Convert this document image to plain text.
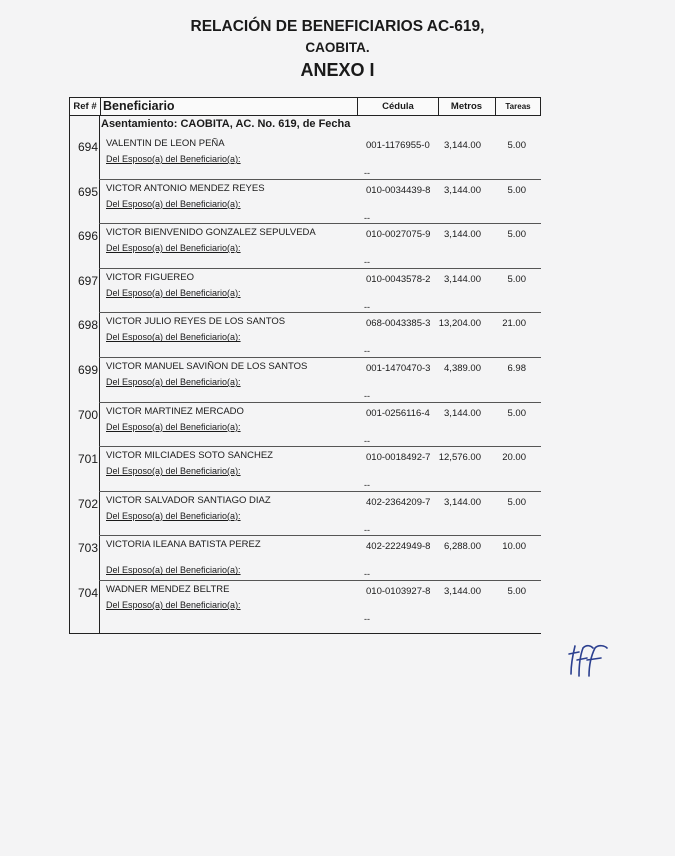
RELACIÓN DE BENEFICIARIOS AC-619,
CAOBITA.
ANEXO I
Ref # Beneficiario	Cédula	Metros	Tareas
Asentamiento: CAOBITA, AC. No. 619, de Fecha
694 VALENTIN DE LEON PEÑA	001-1176955-0	3,144.00	5.00
Del Esposo(a) del Beneficiario(a):
--
695 VICTOR ANTONIO MENDEZ REYES	010-0034439-8	3,144.00	5.00
Del Esposo(a) del Beneficiario(a):
--
696 VICTOR BIENVENIDO GONZALEZ SEPULVEDA	010-0027075-9	3,144.00	5.00
Del Esposo(a) del Beneficiario(a):
--
697 VICTOR FIGUEREO	010-0043578-2	3,144.00	5.00
Del Esposo(a) del Beneficiario(a):
--
698 VICTOR JULIO REYES DE LOS SANTOS	068-0043385-3 13,204.00	21.00
Del Esposo(a) del Beneficiario(a):
--
699 VICTOR MANUEL SAVIÑON DE LOS SANTOS	001-1470470-3	4,389.00	6.98
Del Esposo(a) del Beneficiario(a):
--
700 VICTOR MARTINEZ MERCADO	001-0256116-4	3,144.00	5.00
Del Esposo(a) del Beneficiario(a):
--
701 VICTOR MILCIADES SOTO SANCHEZ	010-0018492-7 12,576.00	20.00
Del Esposo(a) del Beneficiario(a):
--
702 VICTOR SALVADOR SANTIAGO DIAZ	402-2364209-7	3,144.00	5.00
Del Esposo(a) del Beneficiario(a):
--
703 VICTORIA ILEANA BATISTA PEREZ	402-2224949-8	6,288.00	10.00
Del Esposo(a) del Beneficiario(a):	--
704 WADNER MENDEZ BELTRE	010-0103927-8	3,144.00	5.00
Del Esposo(a) del Beneficiario(a):
--
